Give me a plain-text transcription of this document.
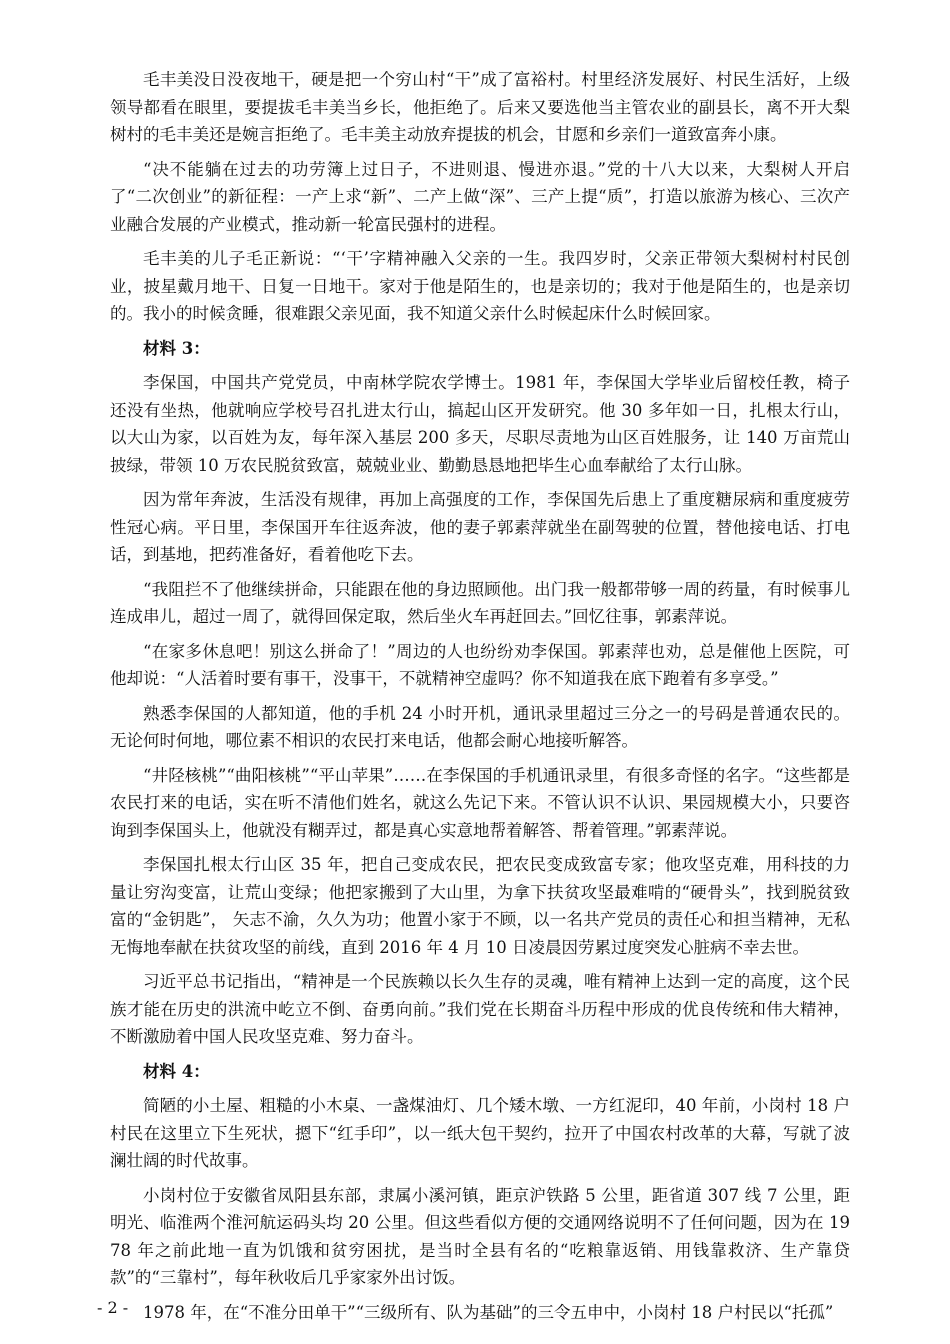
毛丰美没日没夜地干，硬是把一个穷山村“干”成了富裕村。村里经济发展好、村民生活好，上级领导都看在眼里，要提拔毛丰美当乡长，他拒绝了。后来又要选他当主管农业的副县长，离不开大梨树村的毛丰美还是婉言拒绝了。毛丰美主动放弃提拔的机会，甘愿和乡亲们一道致富奔小康。

“决不能躺在过去的功劳簿上过日子，不进则退、慢进亦退。”党的十八大以来，大梨树人开启了“二次创业”的新征程：一产上求“新”、二产上做“深”、三产上提“质”，打造以旅游为核心、三次产业融合发展的产业模式，推动新一轮富民强村的进程。

毛丰美的儿子毛正新说：“‘干’字精神融入父亲的一生。我四岁时，父亲正带领大梨树村村民创业，披星戴月地干、日复一日地干。家对于他是陌生的，也是亲切的；我对于他是陌生的，也是亲切的。我小的时候贪睡，很难跟父亲见面，我不知道父亲什么时候起床什么时候回家。

材料 3：

李保国，中国共产党党员，中南林学院农学博士。1981 年，李保国大学毕业后留校任教，椅子还没有坐热，他就响应学校号召扎进太行山，搞起山区开发研究。他 30 多年如一日，扎根太行山，以大山为家，以百姓为友，每年深入基层 200 多天，尽职尽责地为山区百姓服务，让 140 万亩荒山披绿，带领 10 万农民脱贫致富，兢兢业业、勤勤恳恳地把毕生心血奉献给了太行山脉。

因为常年奔波，生活没有规律，再加上高强度的工作，李保国先后患上了重度糖尿病和重度疲劳性冠心病。平日里，李保国开车往返奔波，他的妻子郭素萍就坐在副驾驶的位置，替他接电话、打电话，到基地，把药准备好，看着他吃下去。

“我阻拦不了他继续拼命，只能跟在他的身边照顾他。出门我一般都带够一周的药量，有时候事儿连成串儿，超过一周了，就得回保定取，然后坐火车再赶回去。”回忆往事，郭素萍说。

“在家多休息吧！别这么拼命了！”周边的人也纷纷劝李保国。郭素萍也劝，总是催他上医院，可他却说：“人活着时要有事干，没事干，不就精神空虚吗？你不知道我在底下跑着有多享受。”

熟悉李保国的人都知道，他的手机 24 小时开机，通讯录里超过三分之一的号码是普通农民的。无论何时何地，哪位素不相识的农民打来电话，他都会耐心地接听解答。

“井陉核桃”“曲阳核桃”“平山苹果”……在李保国的手机通讯录里，有很多奇怪的名字。“这些都是农民打来的电话，实在听不清他们姓名，就这么先记下来。不管认识不认识、果园规模大小，只要咨询到李保国头上，他就没有糊弄过，都是真心实意地帮着解答、帮着管理。”郭素萍说。

李保国扎根太行山区 35 年，把自己变成农民，把农民变成致富专家；他攻坚克难，用科技的力量让穷沟变富，让荒山变绿；他把家搬到了大山里，为拿下扶贫攻坚最难啃的“硬骨头”，找到脱贫致富的“金钥匙”， 矢志不渝，久久为功；他置小家于不顾，以一名共产党员的责任心和担当精神，无私无悔地奉献在扶贫攻坚的前线，直到 2016 年 4 月 10 日凌晨因劳累过度突发心脏病不幸去世。

习近平总书记指出，“精神是一个民族赖以长久生存的灵魂，唯有精神上达到一定的高度，这个民族才能在历史的洪流中屹立不倒、奋勇向前。”我们党在长期奋斗历程中形成的优良传统和伟大精神，不断激励着中国人民攻坚克难、努力奋斗。

材料 4：

简陋的小土屋、粗糙的小木桌、一盏煤油灯、几个矮木墩、一方红泥印，40 年前，小岗村 18 户村民在这里立下生死状，摁下“红手印”，以一纸大包干契约，拉开了中国农村改革的大幕，写就了波澜壮阔的时代故事。

小岗村位于安徽省凤阳县东部，隶属小溪河镇，距京沪铁路 5 公里，距省道 307 线 7 公里，距明光、临淮两个淮河航运码头均 20 公里。但这些看似方便的交通网络说明不了任何问题，因为在 1978 年之前此地一直为饥饿和贫穷困扰，是当时全县有名的“吃粮靠返销、用钱靠救济、生产靠贷款”的“三靠村”，每年秋收后几乎家家外出讨饭。

1978 年，在“不准分田单干”“三级所有、队为基础”的三令五申中，小岗村 18 户村民以“托孤”

- 2 -
